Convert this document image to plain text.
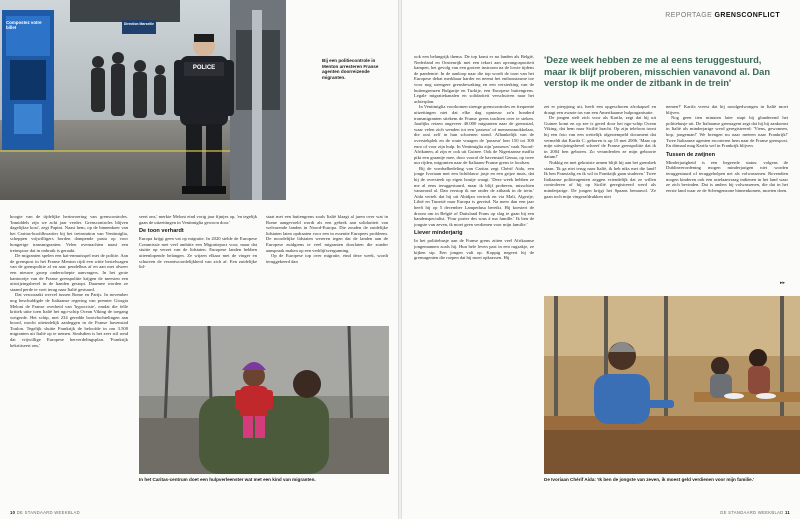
POLICE
Compostez votre billet
Direction Marseille
Bij een politiecontrole in Menton arresteren Franse agenten doorreizende migranten.

hoogte van de tijdelijke herinvoering van grenscontroles. 'Inmiddels zijn we acht jaar verder. Grenscontroles blijven dagelijkse kost', zegt Papini. Naast hem, op de binnenkoer van het Caritas-hoofdkwartier bij het treinstation van Ventimiglia, scheppen vrijwilligers borden dampende pasta op voor hongerige transmigranten. Velen overnachten naast een treinspoor dat in onbruik is geraakt.

De migranten spelen een kat-enmuisspel met de politie. Aan de grenspost in het Franse Menton rijdt een witte bestelwagen van de grenspolitie af en aan: pendelbus af en aan met alweer een nieuwe groep onderschepte aanvragers. In het grote kantoortje van de Franse grenspolitie krijgen de meesten een uitwijzingsbevel in de handen gestopt. Daarmee worden ze staand perde te voet terug naar Italië gestuurd.

Dat verooraakt wrevel tussen Rome en Parijs. In november nog beschuldigde de Italiaanse regering van premier Giorgia Meloni de Franse overheid van 'hypocrisie', omdat die felle kritiek uitte toen Italië het ngo-schip Ocean Viking de toegang weigerde. Het schip, met 234 geredde bootvluchtelingen aan boord, mocht uiteindelijk aanleggen in de Franse havenstad Toulon. Tegelijk sluitte Frankrijk de beloofde in om 3.500 migranten uit Italië op te nemen. Sindsdien is het zeer stil rond dat vrijwillige Europese herverdelingsplan. 'Frankrijk bekritiseert ons,'

seert ons,' merkte Meloni eind vorig jaar fijntjes op, 'en tegelijk gaan de uitzettingen in Ventimiglia gewoon door.'

De toon verhardt

Europa krijgt geen vat op migratie. In 2020 stelde de Europese Commissie met veel ambitie een Migratiepact voor, maar dat stuitte op verzet van de lidstaten. Europese landen hebben uiteenlopende belangen. Ze wijzen elkaar met de vinger en schuiven de verantwoordelijkheid van zich af. Een zuidelijke lid-

staat met een buitengrens zoals Italië klaagt al jaren over wat in Rome aangevoeld wordt als een gebrek aan solidariteit van welvarende landen in Noord-Europa. Die zouden de zuidelijke lidstaten laten opdraaien voor een in essentie Europees probleem. De noordelijke lidstaten wereren tegen dat de landen aan de Europese zuidgrens te veel migranten doorlaten die zonder aanspraak maken op een verblijfsvergunning.

Op de Europese top over migratie, eind deze week, wordt teruggekeerd dan

In het Caritas-centrum doet een hulpverleenster wat met een kind van migranten.
10 DE STANDAARD WEEKBLAD
REPORTAGE GRENSCONFLICT

ook een belangrijk thema. De top komt er na landen als België, Nederland en Oostenrijk met een tekort aan opvangcapaciteit kampen, het gevolg van een grotere instroom na de lowte tijdens de pandemie. In de aanloop naar die top wordt de toon van het Europese debat merkbaar harder en neemt het enthousiasme toe voor nog strengere grensbewaking en een versterking van de buitengrenzen Bulgarije en Turkije, een Europese buitengrens. Legale migratiekanalen en solidariteit verschuiven naar het achterplan.

In Ventimiglia voorkomen strenge grenscontroles en frequente uitzettingen niet dat elke dag opnieuw zo'n honderd transmigranten stiekem de Franse grens trachten over te steken. Jaarlijks reizen ongeveer 40.000 migranten naar de grensstad, waar velen zich wenden tot een 'passeur' of mensensmokkelaar, die oost zelf in hun schoenen stond. Afhankelijk van de overstekplek en de route vraagen de 'passeur' hen 150 tot 300 euro of voor zijn hulp. In Ventimiglia zijn 'passeurs' vaak Noord-Afrikanen, al zijn er ook uit Guinee. Ook de Nigeriaanse maffia pikt een graantje mee, door vooral de havenstad Genua, op twee uur rijden, migranten naar de Italiaans-Franse grens te loodsen.

Bij de voedselbedeling van Caritas zegt Chérif Aida, een jonge Ivoriaan met een lichtblauw jasje en een grijze muts, dat hij de oversteek op eigen houtje waagt. 'Deze week hebben ze me al eens teruggestuurd, maar ik blijf proberen, misschien vanavond al. Dan verstop ik me onder de zitbank in de trein.' Aida vertelt dat hij uit Abidjan vertrok en via Mali, Algerije, Libië en Tunesië naar Europa is gereisd. Na meer dan een jaar heeft hij op 5 december Lampedusa bereikt. Hij koestert de droom om in België of Duitsland Frans op slag te gaan bij een bandenspecialist. 'Pour porter des sous à ma famille.' Ik ben de jongste van zeven, ik moet geen verdienen voor mijn familie.'

Liever minderjarig

In het politiebusje aan de Franse grens zitten veel Afrikaanse jongemannen zoals hij. Hun hele leven past in een rugzakje, ze kijken sip. Een jongen valt op. Koppig negeert hij de grensagenten die roepen dat hij moet opkrassen. Hij

'Deze week hebben ze me al eens teruggestuurd, maar ik blijf proberen, misschien vanavond al. Dan verstop ik me onder de zitbank in de trein'

zet er pierpjong uit, heeft een opgeschoren afrokapsel en draagt een zwarte tas van een Amerikaanse hulporganisatie.

De jongen stelt zich voor als Karifa, zegt dat hij uit Guinee komt en op zee is gered door het ngo-schip Ocean Viking, dat hem naar Sicilië bracht. Op zijn telefoon toont hij een foto van een wettelijk afgestempeld document dat vermeldt dat Karifa C. geboren is op 15 mei 2006. 'Maar op mijn uitwijzingsbevel schreef de Franse grenspolitie dat ik in 2004 ben geboren. Zo veranderden ze mijn geboorte datum!'

Nukkig en met gekruiste armen blijft hij aan het grensbek staan. 'Ik ga niet terug naar Italië, ik heb niks met die land! Ik ben Franstalig en ik wil in Frankrijk gaan studeren.' Twee Italiaanse politieagenten zeggen vriendelijk dat ze willen controleren of hij op Sicilië geregistreerd werd als minderjarige. De jongen krijgt het Spaans benauwd. 'Ze gaan toch mijn vingerafdrukken niet

nemen?' Karifa vreest dat hij noodgedwongen in Italië moet blijven.

Nog geen tien minuten later stapt hij glunderend het politiebusje uit. De Italiaanse grensagent zegt dat hij bij aankomst in Italië als minderjarige werd geregistreerd: 'Viens, gewonnen, hop, jongeman!' We brengen nu naar meteen naar Frankrijk!' Twee Italiaanse agenten escorteren hem naar de Franse grenspost. En ditmaal mag Karifa wel in Frankrijk blijven.

Tussen de zwijnen

Minderjarigheid is een begeerde status: volgens de Dublinverordening mogen minderjarigen niet worden teruggestuurd of teruggeholpen net als volwassenen. Bovendien mogen kinderen ook een asielaanvraag indienen in het land waar ze zich bevinden. Dat is anders bij volwassenen, die dat in het eerste land waar ze de Schengenzone binnenkomen, moeten doen.

▸▸
De Ivoriaan Chérif Aida: 'Ik ben de jongste van zeven, ik moest geld verdienen voor mijn familie.'
DE STANDAARD WEEKBLAD 11
